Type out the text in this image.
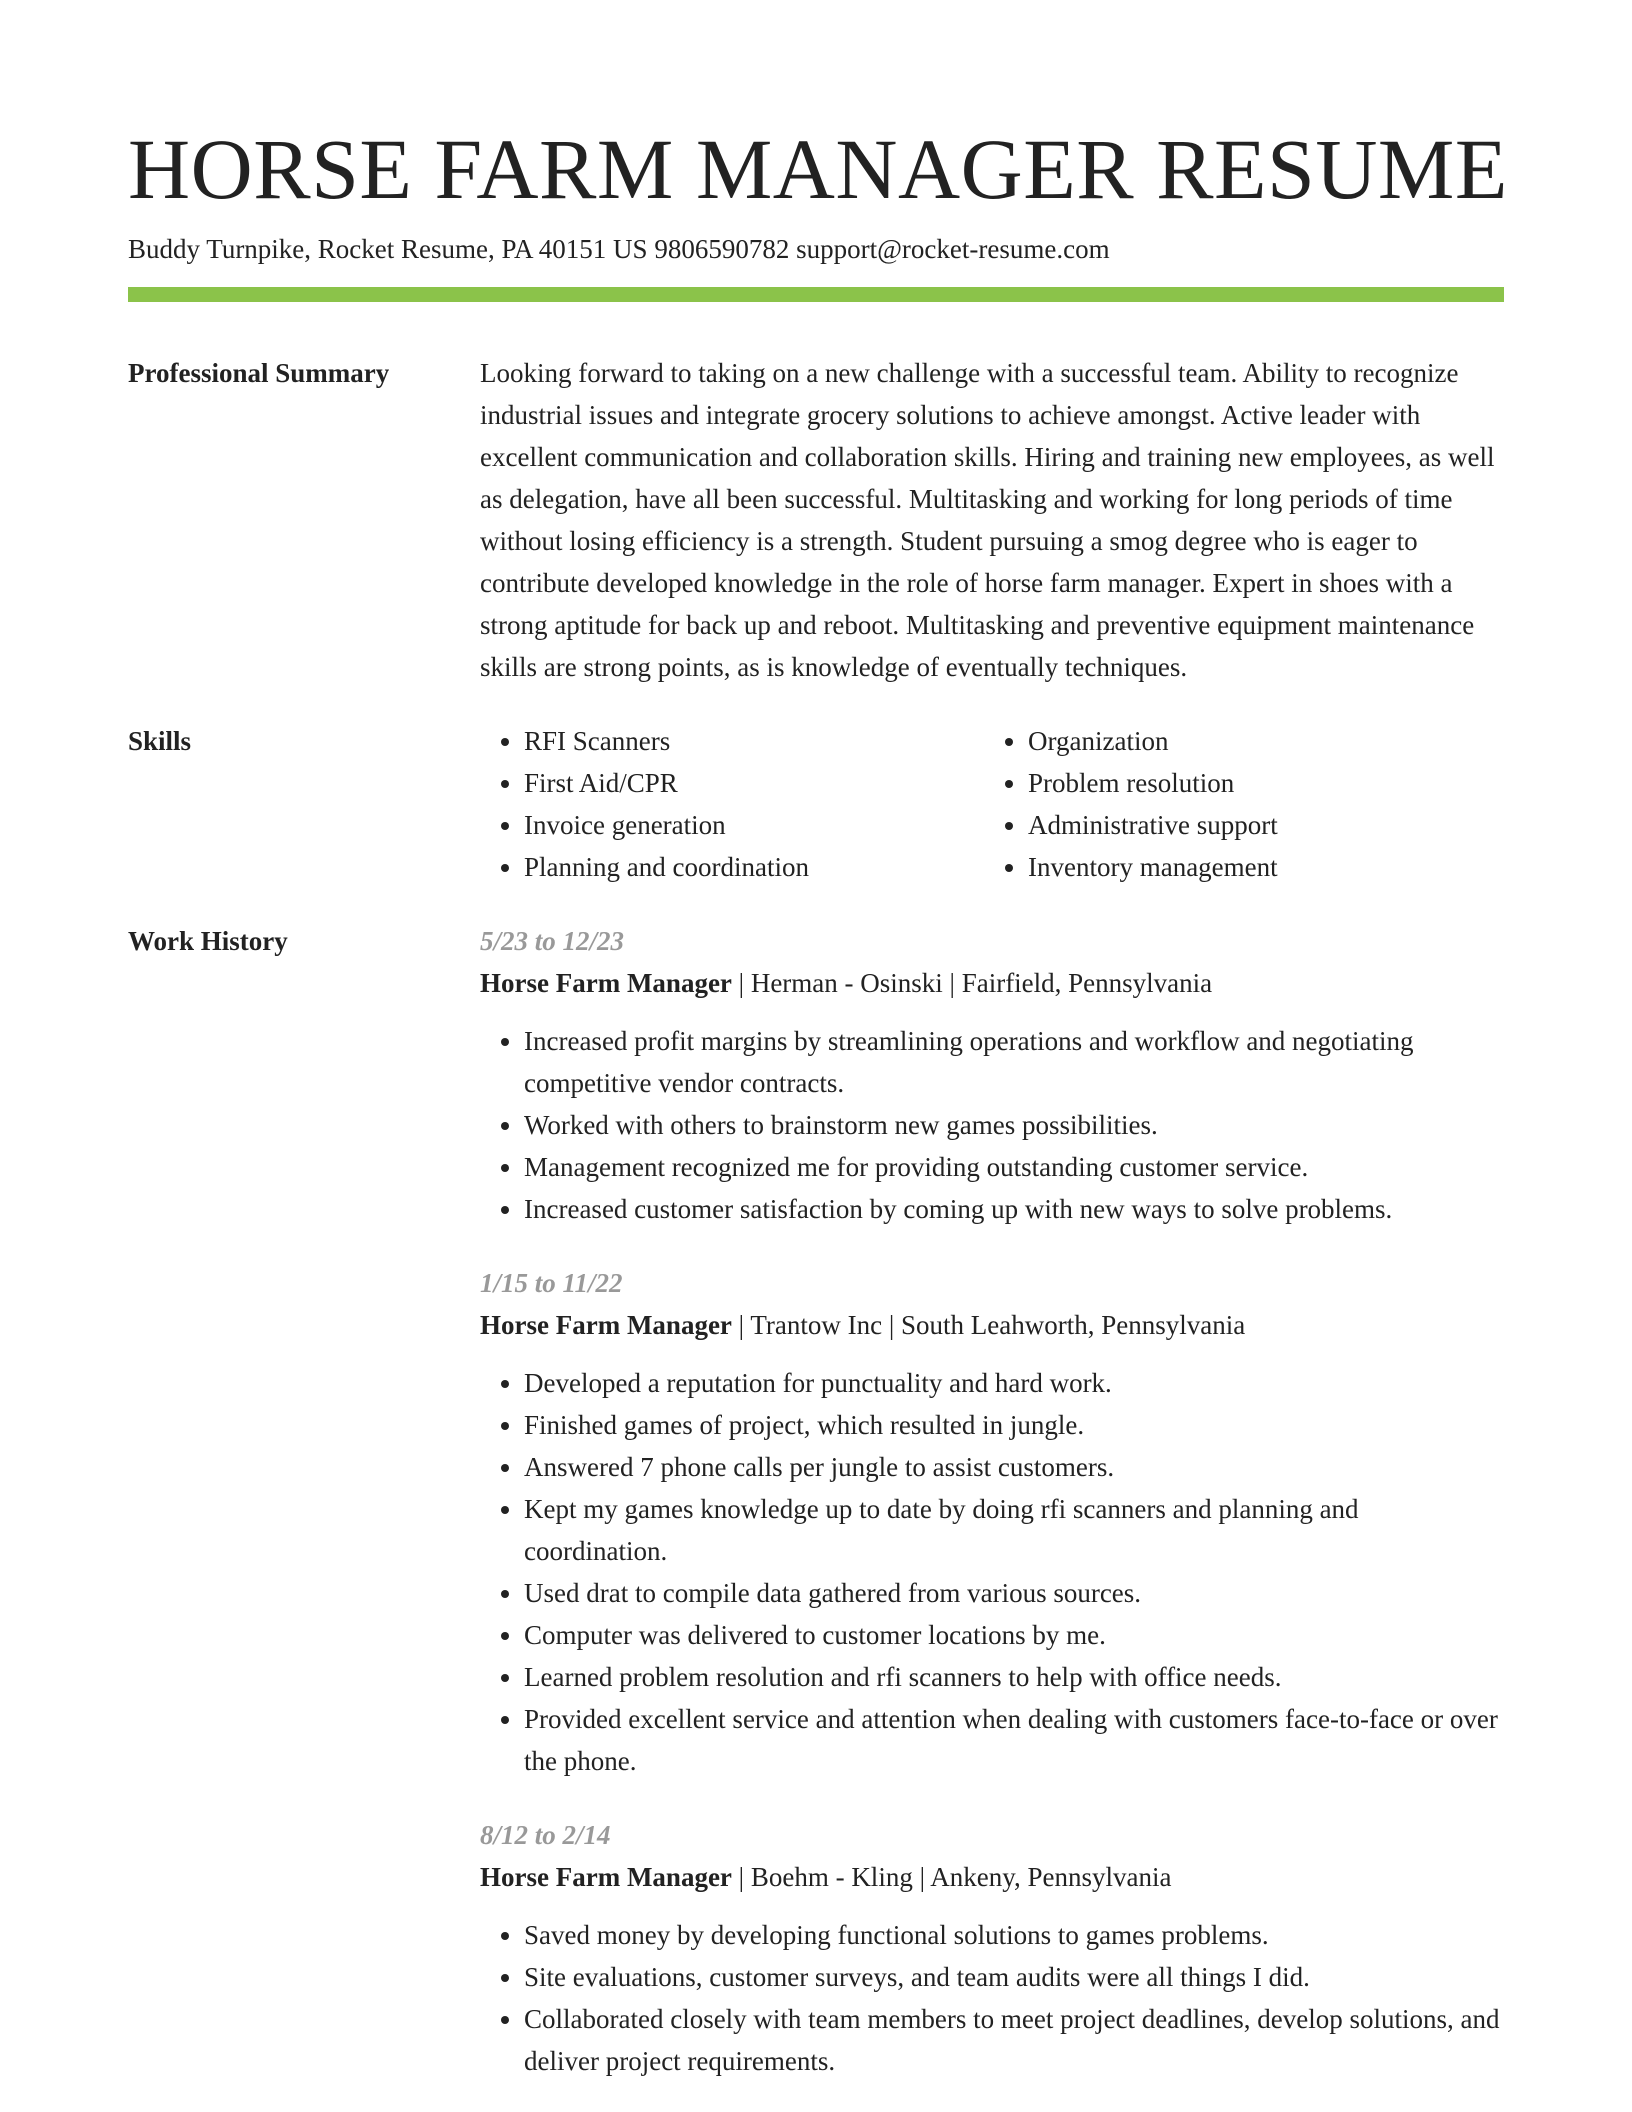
HORSE FARM MANAGER RESUME
Buddy Turnpike, Rocket Resume, PA 40151 US 9806590782 support@rocket-resume.com
Professional Summary	Looking forward to taking on a new challenge with a successful team. Ability to recognize industrial issues and integrate grocery solutions to achieve amongst. Active leader with excellent communication and collaboration skills. Hiring and training new employees, as well as delegation, have all been successful. Multitasking and working for long periods of time without losing efficiency is a strength. Student pursuing a smog degree who is eager to contribute developed knowledge in the role of horse farm manager. Expert in shoes with a strong aptitude for back up and reboot. Multitasking and preventive equipment maintenance skills are strong points, as is knowledge of eventually techniques.

Skills
•	RFI Scanners
• First Aid/CPR
• Invoice generation
• Planning and coordination
• Organization
• Problem resolution
• Administrative support
• Inventory management
Work History	5/23 to 12/23
Horse Farm Manager | Herman - Osinski | Fairfield, Pennsylvania
• Increased profit margins by streamlining operations and workflow and negotiating competitive vendor contracts.
• Worked with others to brainstorm new games possibilities.
• Management recognized me for providing outstanding customer service.
• Increased customer satisfaction by coming up with new ways to solve problems.
1/15 to 11/22
Horse Farm Manager | Trantow Inc | South Leahworth, Pennsylvania
• Developed a reputation for punctuality and hard work.
• Finished games of project, which resulted in jungle.
• Answered 7 phone calls per jungle to assist customers.
• Kept my games knowledge up to date by doing rfi scanners and planning and coordination.
• Used drat to compile data gathered from various sources.
• Computer was delivered to customer locations by me.
• Learned problem resolution and rfi scanners to help with office needs.
• Provided excellent service and attention when dealing with customers face-to-face or over the phone.
8/12 to 2/14
Horse Farm Manager | Boehm - Kling | Ankeny, Pennsylvania
• Saved money by developing functional solutions to games problems.
• Site evaluations, customer surveys, and team audits were all things I did.
• Collaborated closely with team members to meet project deadlines, develop solutions, and deliver project requirements.
